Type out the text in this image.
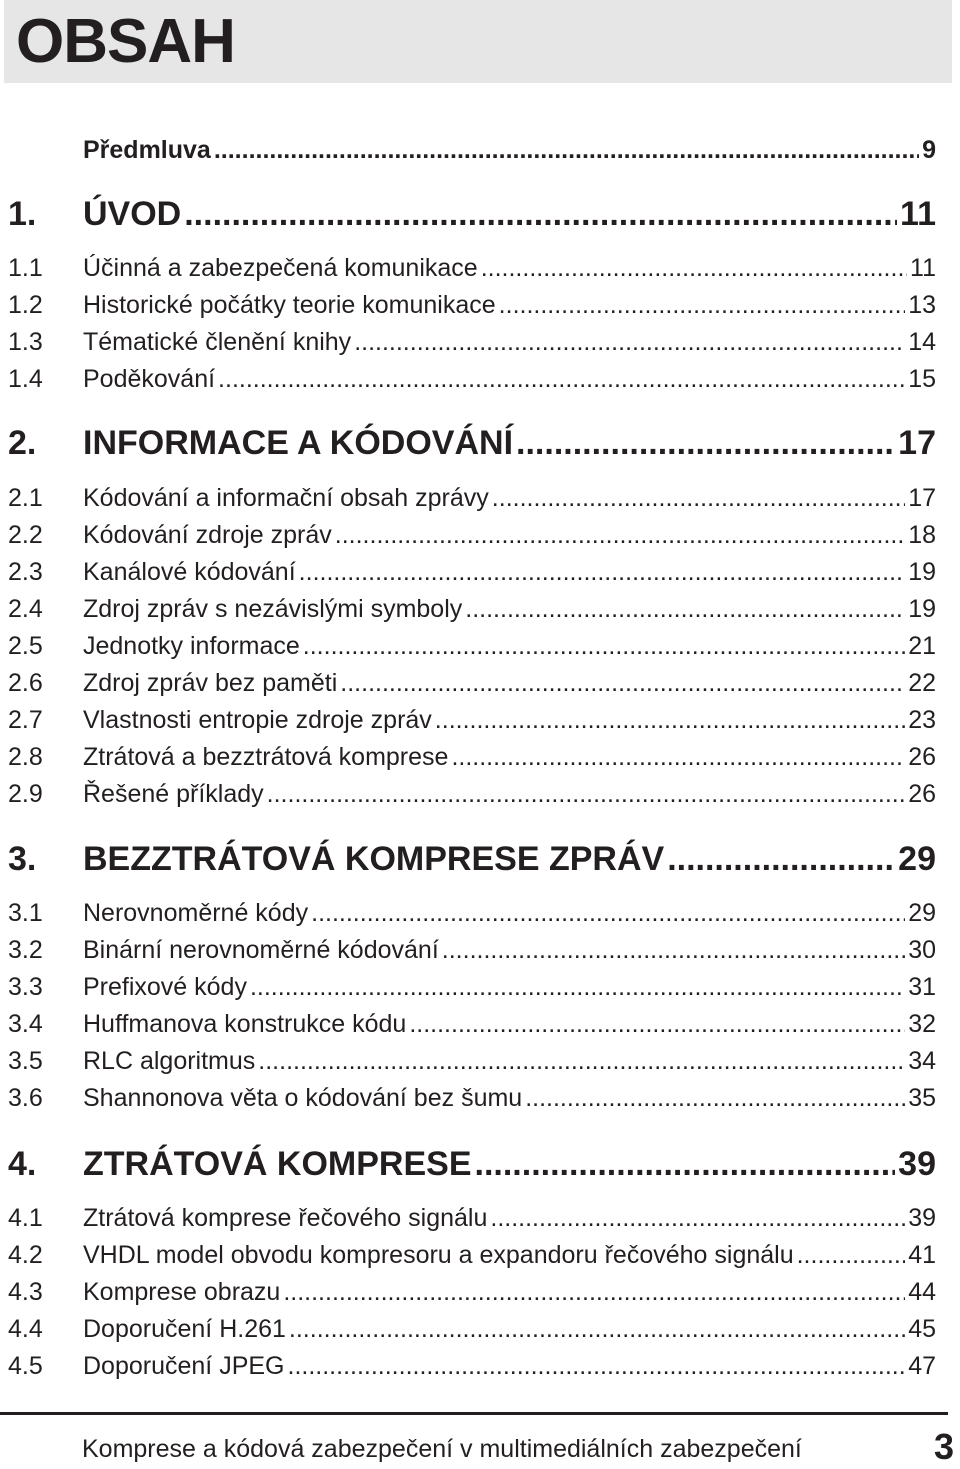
OBSAH
Předmluva .....	9
1. ÚVOD .....	11
1.1 Účinná a zabezpečená komunikace .....	11
1.2 Historické počátky teorie komunikace .....	13
1.3 Tématické členění knihy .....	14
1.4 Poděkování .....	15
2. INFORMACE A KÓDOVÁNÍ .....	17
2.1 Kódování a informační obsah zprávy .....	17
2.2 Kódování zdroje zpráv .....	18
2.3 Kanálové kódování .....	19
2.4 Zdroj zpráv s nezávislými symboly .....	19
2.5 Jednotky informace .....	21
2.6 Zdroj zpráv bez paměti .....	22
2.7 Vlastnosti entropie zdroje zpráv .....	23
2.8 Ztrátová a bezztrátová komprese .....	26
2.9 Řešené příklady .....	26
3. BEZZTRÁTOVÁ KOMPRESE ZPRÁV .....	29
3.1 Nerovnoměrné kódy .....	29
3.2 Binární nerovnoměrné kódování .....	30
3.3 Prefixové kódy .....	31
3.4 Huffmanova konstrukce kódu .....	32
3.5 RLC algoritmus .....	34
3.6 Shannonova věta o kódování bez šumu .....	35
4. ZTRÁTOVÁ KOMPRESE .....	39
4.1 Ztrátová komprese řečového signálu .....	39
4.2 VHDL model obvodu kompresoru a expandoru řečového signálu .....	41
4.3 Komprese obrazu .....	44
4.4 Doporučení H.261 .....	45
4.5 Doporučení JPEG .....	47
Komprese a kódová zabezpečení v multimediálních zabezpečení	3
